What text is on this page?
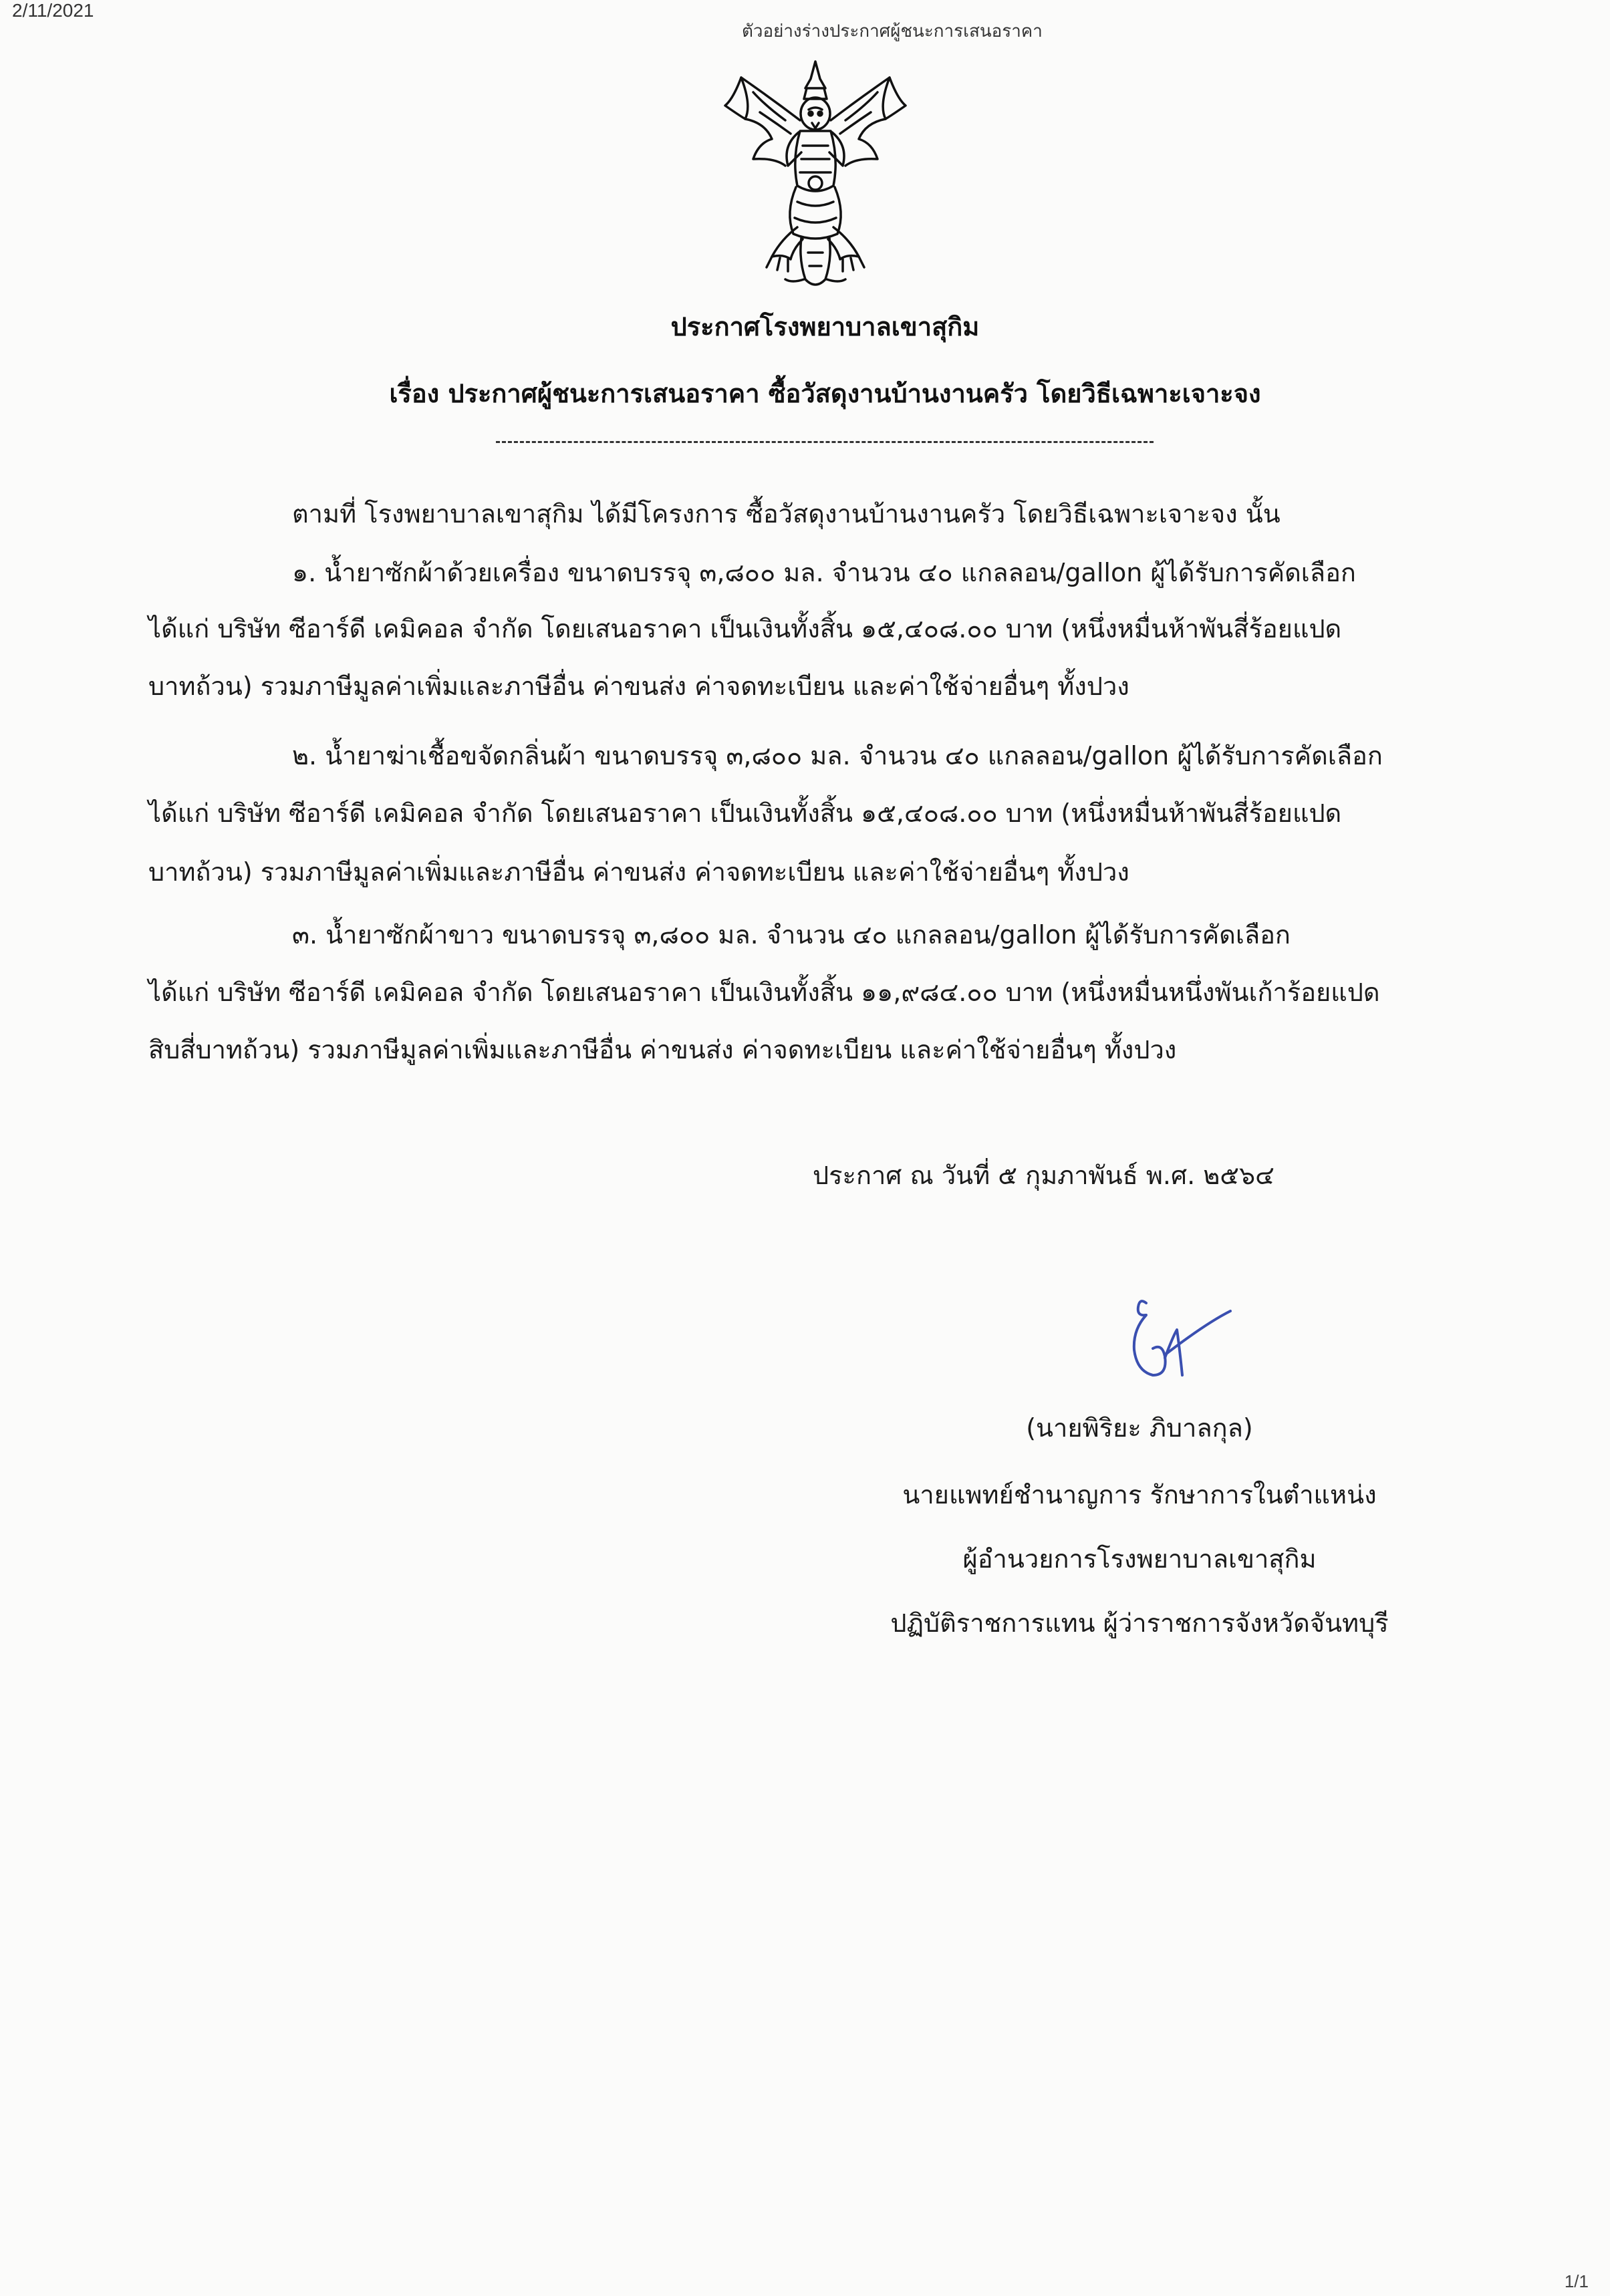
2/11/2021
ตัวอย่างร่างประกาศผู้ชนะการเสนอราคา
ประกาศโรงพยาบาลเขาสุกิม
เรื่อง ประกาศผู้ชนะการเสนอราคา ซื้อวัสดุงานบ้านงานครัว โดยวิธีเฉพาะเจาะจง
ตามที่ โรงพยาบาลเขาสุกิม ได้มีโครงการ ซื้อวัสดุงานบ้านงานครัว โดยวิธีเฉพาะเจาะจง นั้น
๑. น้ำยาซักผ้าด้วยเครื่อง ขนาดบรรจุ ๓,๘๐๐ มล. จำนวน ๔๐ แกลลอน/gallon ผู้ได้รับการคัดเลือก
ได้แก่ บริษัท ซีอาร์ดี เคมิคอล จำกัด โดยเสนอราคา เป็นเงินทั้งสิ้น ๑๕,๔๐๘.๐๐ บาท (หนึ่งหมื่นห้าพันสี่ร้อยแปด
บาทถ้วน) รวมภาษีมูลค่าเพิ่มและภาษีอื่น ค่าขนส่ง ค่าจดทะเบียน และค่าใช้จ่ายอื่นๆ ทั้งปวง
๒. น้ำยาฆ่าเชื้อขจัดกลิ่นผ้า ขนาดบรรจุ ๓,๘๐๐ มล. จำนวน ๔๐ แกลลอน/gallon ผู้ได้รับการคัดเลือก
ได้แก่ บริษัท ซีอาร์ดี เคมิคอล จำกัด โดยเสนอราคา เป็นเงินทั้งสิ้น ๑๕,๔๐๘.๐๐ บาท (หนึ่งหมื่นห้าพันสี่ร้อยแปด
บาทถ้วน) รวมภาษีมูลค่าเพิ่มและภาษีอื่น ค่าขนส่ง ค่าจดทะเบียน และค่าใช้จ่ายอื่นๆ ทั้งปวง
๓. น้ำยาซักผ้าขาว ขนาดบรรจุ ๓,๘๐๐ มล. จำนวน ๔๐ แกลลอน/gallon ผู้ได้รับการคัดเลือก
ได้แก่ บริษัท ซีอาร์ดี เคมิคอล จำกัด โดยเสนอราคา เป็นเงินทั้งสิ้น ๑๑,๙๘๔.๐๐ บาท (หนึ่งหมื่นหนึ่งพันเก้าร้อยแปด
สิบสี่บาทถ้วน) รวมภาษีมูลค่าเพิ่มและภาษีอื่น ค่าขนส่ง ค่าจดทะเบียน และค่าใช้จ่ายอื่นๆ ทั้งปวง
ประกาศ ณ วันที่ ๕ กุมภาพันธ์ พ.ศ. ๒๕๖๔
(นายพิริยะ ภิบาลกุล)
นายแพทย์ชำนาญการ รักษาการในตำแหน่ง
ผู้อำนวยการโรงพยาบาลเขาสุกิม
ปฏิบัติราชการแทน ผู้ว่าราชการจังหวัดจันทบุรี
1/1
